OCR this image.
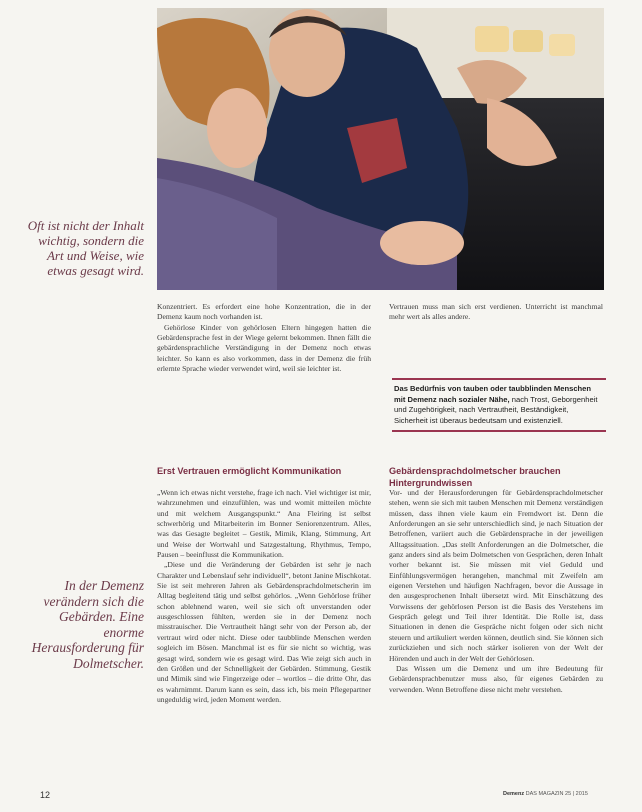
Oft ist nicht der Inhalt wichtig, sondern die Art und Weise, wie etwas gesagt wird.
In der Demenz verändern sich die Gebärden. Eine enorme Herausforderung für Dolmetscher.

Konzentriert. Es erfordert eine hohe Konzentration, die in der Demenz kaum noch vorhanden ist.

Gehörlose Kinder von gehörlosen Eltern hingegen hatten die Gebärdensprache fest in der Wiege gelernt bekommen. Ihnen fällt die gebärdensprachliche Verständigung in der Demenz noch etwas leichter. So kann es also vorkommen, dass in der Demenz die früh erlernte Sprache wieder verwendet wird, weil sie leichter ist.

Vertrauen muss man sich erst verdienen. Unterricht ist manchmal mehr wert als alles andere.

Das Bedürfnis von tauben oder taubblinden Menschen mit Demenz nach sozialer Nähe, nach Trost, Geborgenheit und Zugehörigkeit, nach Vertrautheit, Beständigkeit, Sicherheit ist überaus bedeutsam und existenziell.
Erst Vertrauen ermöglicht Kommunikation	Gebärdensprachdolmetscher brauchen Hintergrundwissen

„Wenn ich etwas nicht verstehe, frage ich nach. Viel wichtiger ist mir, wahrzunehmen und einzufühlen, was und womit mitteilen möchte und mit welchem Ausgangspunkt.“ Ana Fleiring ist selbst schwerhörig und Mitarbeiterin im Bonner Seniorenzentrum. Alles, was das Gesagte begleitet – Gestik, Mimik, Klang, Stimmung, Art und Weise der Wortwahl und Satzgestaltung, Rhythmus, Tempo, Pausen – beeinflusst die Kommunikation.

„Diese und die Veränderung der Gebärden ist sehr je nach Charakter und Lebenslauf sehr individuell“, betont Janine Mischkotat. Sie ist seit mehreren Jahren als Gebärdensprachdolmetscherin im Alltag begleitend tätig und selbst gehörlos. „Wenn Gehörlose früher schon ablehnend waren, weil sie sich oft unverstanden oder ausgeschlossen fühlten, werden sie in der Demenz noch misstrauischer. Die Vertrautheit hängt sehr von der Person ab, der vertraut wird oder nicht. Diese oder taubblinde Menschen werden sogleich im Bösen. Manchmal ist es für sie nicht so wichtig, was gesagt wird, sondern wie es gesagt wird. Das Wie zeigt sich auch in den Größen und der Schnelligkeit der Gebärden. Stimmung, Gestik und Mimik sind wie Fingerzeige oder – wortlos – die dritte Ohr, das es wahrnimmt. Darum kann es sein, dass ich, bis mein Pflegepartner ungeduldig wird, jeden Moment werden.

Vor- und der Herausforderungen für Gebärdensprachdolmetscher stehen, wenn sie sich mit tauben Menschen mit Demenz verständigen müssen, dass ihnen viele kaum ein Fremdwort ist. Denn die Anforderungen an sie sehr unterschiedlich sind, je nach Situation der Betroffenen, variiert auch die Gebärdensprache in der jeweiligen Alltagssituation. „Das stellt Anforderungen an die Dolmetscher, die ganz anders sind als beim Dolmetschen von Gesprächen, deren Inhalt vorher bekannt ist. Sie müssen mit viel Geduld und Einfühlungsvermögen herangehen, manchmal mit Zweifeln am eigenen Verstehen und häufigen Nachfragen, bevor die Aussage in den ausgesprochenen Inhalt übersetzt wird. Mit Einschätzung des Vorwissens der gehörlosen Person ist die Basis des Verstehens im Gespräch gelegt und Teil ihrer Identität. Die Rolle ist, dass Situationen in denen die Gespräche nicht folgen oder sich nicht steuern und artikuliert werden können, deutlich sind. Sie können sich zurückziehen und sich noch stärker isolieren von der Welt der Hörenden und auch in der Welt der Gehörlosen.

Das Wissen um die Demenz und um ihre Bedeutung für Gebärdensprachbenutzer muss also, für eigenes Gebärden zu verwenden. Wenn Betroffene diese nicht mehr verstehen.

12	Demenz DAS MAGAZIN 25 | 2015
